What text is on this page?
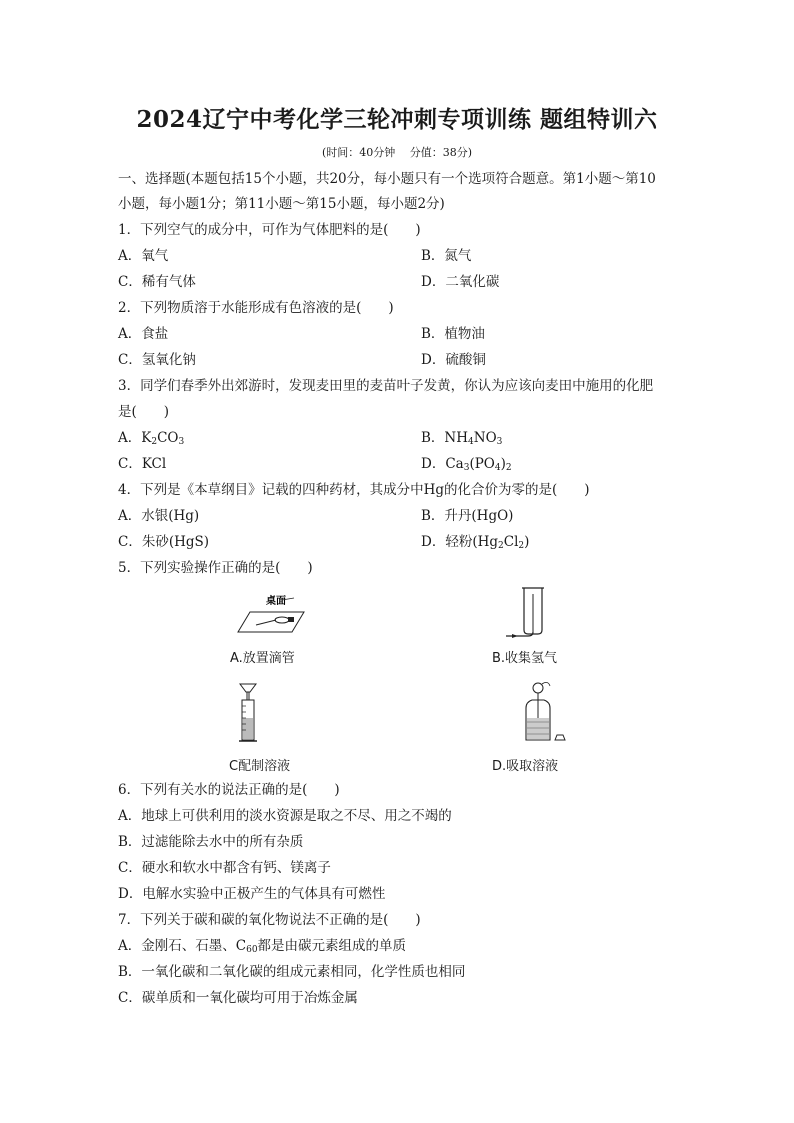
2024辽宁中考化学三轮冲刺专项训练 题组特训六
(时间：40分钟　 分值：38分)
一、选择题(本题包括15个小题，共20分，每小题只有一个选项符合题意。第1小题～第10
小题，每小题1分；第11小题～第15小题，每小题2分)
1．下列空气的成分中，可作为气体肥料的是(　　)
A．氧气	B．氮气
C．稀有气体	D．二氧化碳
2．下列物质溶于水能形成有色溶液的是(　　)
A．食盐	B．植物油
C．氢氧化钠	D．硫酸铜
3．同学们春季外出郊游时，发现麦田里的麦苗叶子发黄，你认为应该向麦田中施用的化肥
是(　　)
A．$K_2CO_3$	B．$NH_4NO_3$
C．KCl	D．$Ca_3(PO_4)_2$
4．下列是《本草纲目》记载的四种药材，其成分中Hg的化合价为零的是(　　)
A．水银(Hg)	B．升丹(HgO)
C．朱砂(HgS)	D．轻粉$(Hg_2Cl_2)$
5．下列实验操作正确的是(　　)
桌面
A.放置滴管	B.收集氢气
C配制溶液	D.吸取溶液
6．下列有关水的说法正确的是(　　)
A．地球上可供利用的淡水资源是取之不尽、用之不竭的
B．过滤能除去水中的所有杂质
C．硬水和软水中都含有钙、镁离子
D．电解水实验中正极产生的气体具有可燃性
7．下列关于碳和碳的氧化物说法不正确的是(　　)
A．金刚石、石墨、$C_{60}$都是由碳元素组成的单质
B．一氧化碳和二氧化碳的组成元素相同，化学性质也相同
C．碳单质和一氧化碳均可用于冶炼金属
